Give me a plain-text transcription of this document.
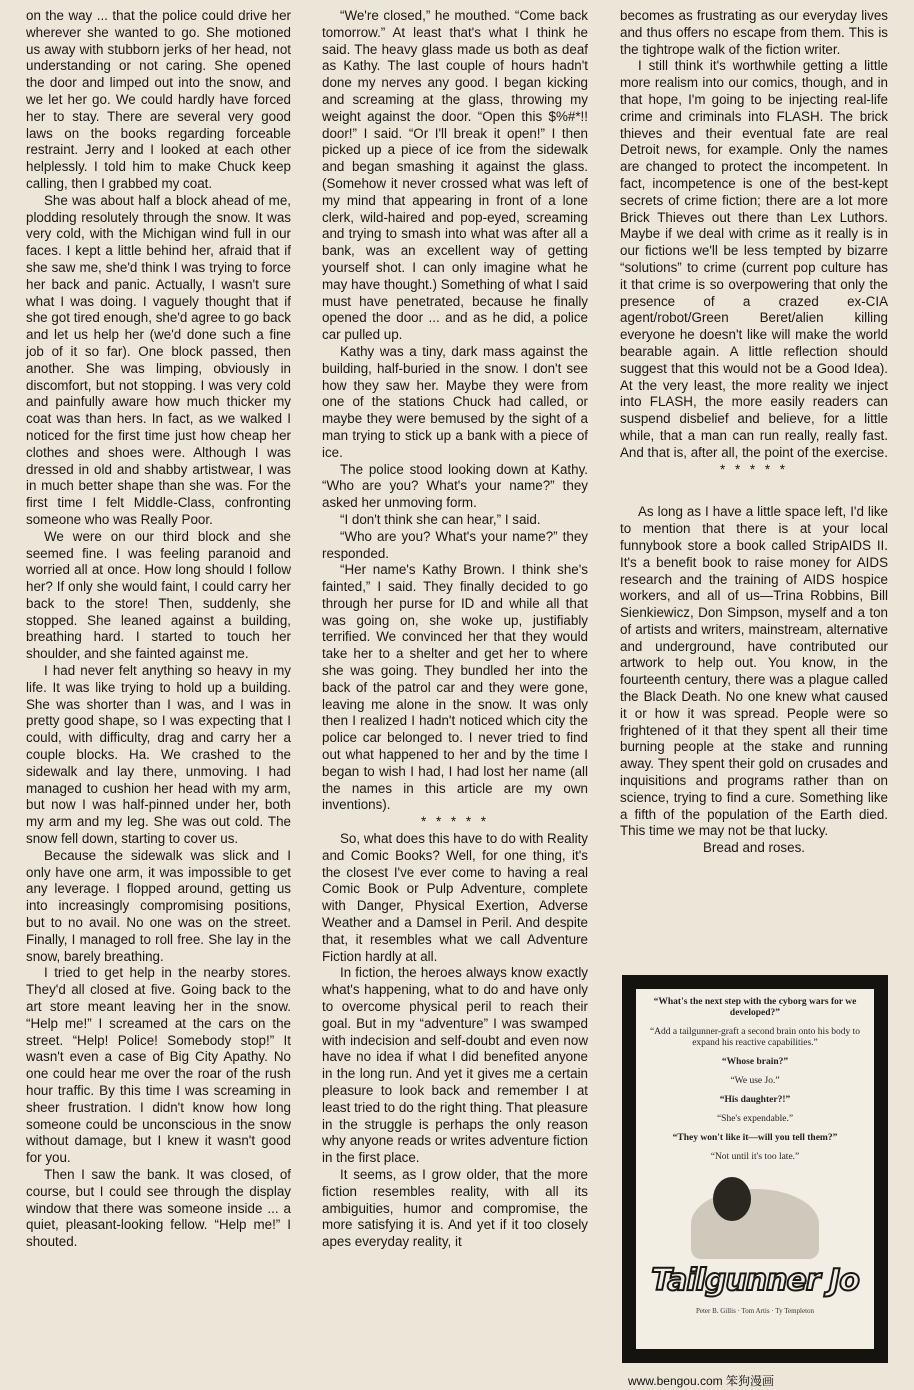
on the way ... that the police could drive her wherever she wanted to go. She motioned us away with stubborn jerks of her head, not understanding or not caring. She opened the door and limped out into the snow, and we let her go. We could hardly have forced her to stay. There are several very good laws on the books regarding forceable restraint. Jerry and I looked at each other helplessly. I told him to make Chuck keep calling, then I grabbed my coat.

She was about half a block ahead of me, plodding resolutely through the snow. It was very cold, with the Michigan wind full in our faces. I kept a little behind her, afraid that if she saw me, she'd think I was trying to force her back and panic. Actually, I wasn't sure what I was doing. I vaguely thought that if she got tired enough, she'd agree to go back and let us help her (we'd done such a fine job of it so far). One block passed, then another. She was limping, obviously in discomfort, but not stopping. I was very cold and painfully aware how much thicker my coat was than hers. In fact, as we walked I noticed for the first time just how cheap her clothes and shoes were. Although I was dressed in old and shabby artistwear, I was in much better shape than she was. For the first time I felt Middle-Class, confronting someone who was Really Poor.

We were on our third block and she seemed fine. I was feeling paranoid and worried all at once. How long should I follow her? If only she would faint, I could carry her back to the store! Then, suddenly, she stopped. She leaned against a building, breathing hard. I started to touch her shoulder, and she fainted against me.

I had never felt anything so heavy in my life. It was like trying to hold up a building. She was shorter than I was, and I was in pretty good shape, so I was expecting that I could, with difficulty, drag and carry her a couple blocks. Ha. We crashed to the sidewalk and lay there, unmoving. I had managed to cushion her head with my arm, but now I was half-pinned under her, both my arm and my leg. She was out cold. The snow fell down, starting to cover us.

Because the sidewalk was slick and I only have one arm, it was impossible to get any leverage. I flopped around, getting us into increasingly compromising positions, but to no avail. No one was on the street. Finally, I managed to roll free. She lay in the snow, barely breathing.

I tried to get help in the nearby stores. They'd all closed at five. Going back to the art store meant leaving her in the snow. “Help me!” I screamed at the cars on the street. “Help! Police! Somebody stop!” It wasn't even a case of Big City Apathy. No one could hear me over the roar of the rush hour traffic. By this time I was screaming in sheer frustration. I didn't know how long someone could be unconscious in the snow without damage, but I knew it wasn't good for you.

Then I saw the bank. It was closed, of course, but I could see through the display window that there was someone inside ... a quiet, pleasant-looking fellow. “Help me!” I shouted.

“We're closed,” he mouthed. “Come back tomorrow.” At least that's what I think he said. The heavy glass made us both as deaf as Kathy. The last couple of hours hadn't done my nerves any good. I began kicking and screaming at the glass, throwing my weight against the door. “Open this $%#*!! door!” I said. “Or I'll break it open!” I then picked up a piece of ice from the sidewalk and began smashing it against the glass. (Somehow it never crossed what was left of my mind that appearing in front of a lone clerk, wild-haired and pop-eyed, screaming and trying to smash into what was after all a bank, was an excellent way of getting yourself shot. I can only imagine what he may have thought.) Something of what I said must have penetrated, because he finally opened the door ... and as he did, a police car pulled up.

Kathy was a tiny, dark mass against the building, half-buried in the snow. I don't see how they saw her. Maybe they were from one of the stations Chuck had called, or maybe they were bemused by the sight of a man trying to stick up a bank with a piece of ice.

The police stood looking down at Kathy. “Who are you? What's your name?” they asked her unmoving form.

“I don't think she can hear,” I said.

“Who are you? What's your name?” they responded.

“Her name's Kathy Brown. I think she's fainted,” I said. They finally decided to go through her purse for ID and while all that was going on, she woke up, justifiably terrified. We convinced her that they would take her to a shelter and get her to where she was going. They bundled her into the back of the patrol car and they were gone, leaving me alone in the snow. It was only then I realized I hadn't noticed which city the police car belonged to. I never tried to find out what happened to her and by the time I began to wish I had, I had lost her name (all the names in this article are my own inventions).

* * * * *

So, what does this have to do with Reality and Comic Books? Well, for one thing, it's the closest I've ever come to having a real Comic Book or Pulp Adventure, complete with Danger, Physical Exertion, Adverse Weather and a Damsel in Peril. And despite that, it resembles what we call Adventure Fiction hardly at all.

In fiction, the heroes always know exactly what's happening, what to do and have only to overcome physical peril to reach their goal. But in my “adventure” I was swamped with indecision and self-doubt and even now have no idea if what I did benefited anyone in the long run. And yet it gives me a certain pleasure to look back and remember I at least tried to do the right thing. That pleasure in the struggle is perhaps the only reason why anyone reads or writes adventure fiction in the first place.

It seems, as I grow older, that the more fiction resembles reality, with all its ambiguities, humor and compromise, the more satisfying it is. And yet if it too closely apes everyday reality, it

becomes as frustrating as our everyday lives and thus offers no escape from them. This is the tightrope walk of the fiction writer.

I still think it's worthwhile getting a little more realism into our comics, though, and in that hope, I'm going to be injecting real-life crime and criminals into FLASH. The brick thieves and their eventual fate are real Detroit news, for example. Only the names are changed to protect the incompetent. In fact, incompetence is one of the best-kept secrets of crime fiction; there are a lot more Brick Thieves out there than Lex Luthors. Maybe if we deal with crime as it really is in our fictions we'll be less tempted by bizarre “solutions” to crime (current pop culture has it that crime is so overpowering that only the presence of a crazed ex-CIA agent/robot/Green Beret/alien killing everyone he doesn't like will make the world bearable again. A little reflection should suggest that this would not be a Good Idea). At the very least, the more reality we inject into FLASH, the more easily readers can suspend disbelief and believe, for a little while, that a man can run really, really fast. And that is, after all, the point of the exercise.

* * * * *

As long as I have a little space left, I'd like to mention that there is at your local funnybook store a book called StripAIDS II. It's a benefit book to raise money for AIDS research and the training of AIDS hospice workers, and all of us—Trina Robbins, Bill Sienkiewicz, Don Simpson, myself and a ton of artists and writers, mainstream, alternative and underground, have contributed our artwork to help out. You know, in the fourteenth century, there was a plague called the Black Death. No one knew what caused it or how it was spread. People were so frightened of it that they spent all their time burning people at the stake and running away. They spent their gold on crusades and inquisitions and programs rather than on science, trying to find a cure. Something like a fifth of the population of the Earth died. This time we may not be that lucky.

Bread and roses.

“What's the next step with the cyborg wars for we developed?”
“Add a tailgunner-graft a second brain onto his body to expand his reactive capabilities.”
“Whose brain?”
“We use Jo.”
“His daughter?!”
“She's expendable.”
“They won't like it—will you tell them?”
“Not until it's too late.”
Tailgunner Jo
Peter B. Gillis · Tom Artis · Ty Templeton
www.bengou.com 笨狗漫画
